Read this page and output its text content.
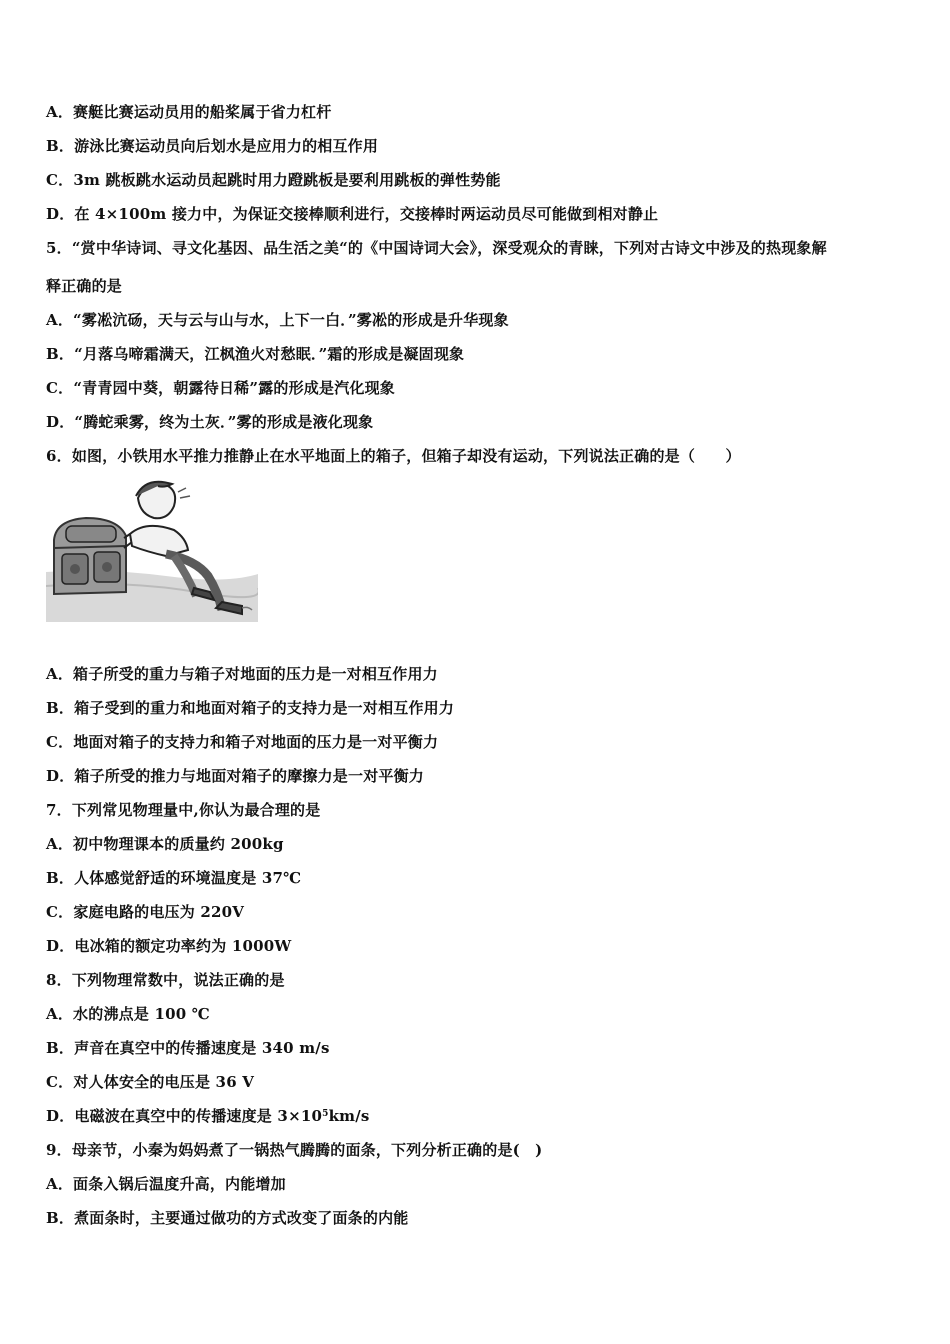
A．赛艇比赛运动员用的船桨属于省力杠杆
B．游泳比赛运动员向后划水是应用力的相互作用
C．3m 跳板跳水运动员起跳时用力蹬跳板是要利用跳板的弹性势能
D．在 4×100m 接力中，为保证交接棒顺利进行，交接棒时两运动员尽可能做到相对静止
5．“赏中华诗词、寻文化基因、品生活之美“的《中国诗词大会》，深受观众的青睐，下列对古诗文中涉及的热现象解
释正确的是
A．“雾凇沆砀，天与云与山与水，上下一白．”雾凇的形成是升华现象
B．“月落乌啼霜满天，江枫渔火对愁眠．”霜的形成是凝固现象
C．“青青园中葵，朝露待日稀”露的形成是汽化现象
D．“腾蛇乘雾，终为土灰．”雾的形成是液化现象
6．如图，小铁用水平推力推静止在水平地面上的箱子，但箱子却没有运动，下列说法正确的是（　　）
A．箱子所受的重力与箱子对地面的压力是一对相互作用力
B．箱子受到的重力和地面对箱子的支持力是一对相互作用力
C．地面对箱子的支持力和箱子对地面的压力是一对平衡力
D．箱子所受的推力与地面对箱子的摩擦力是一对平衡力
7．下列常见物理量中,你认为最合理的是
A．初中物理课本的质量约 200kg
B．人体感觉舒适的环境温度是 37℃
C．家庭电路的电压为 220V
D．电冰箱的额定功率约为 1000W
8．下列物理常数中，说法正确的是
A．水的沸点是 100 ℃
B．声音在真空中的传播速度是 340 m/s
C．对人体安全的电压是 36 V
D．电磁波在真空中的传播速度是 $3\times 10^5km/s$
9．母亲节，小秦为妈妈煮了一锅热气腾腾的面条，下列分析正确的是(　)
A．面条入锅后温度升高，内能增加
B．煮面条时，主要通过做功的方式改变了面条的内能
